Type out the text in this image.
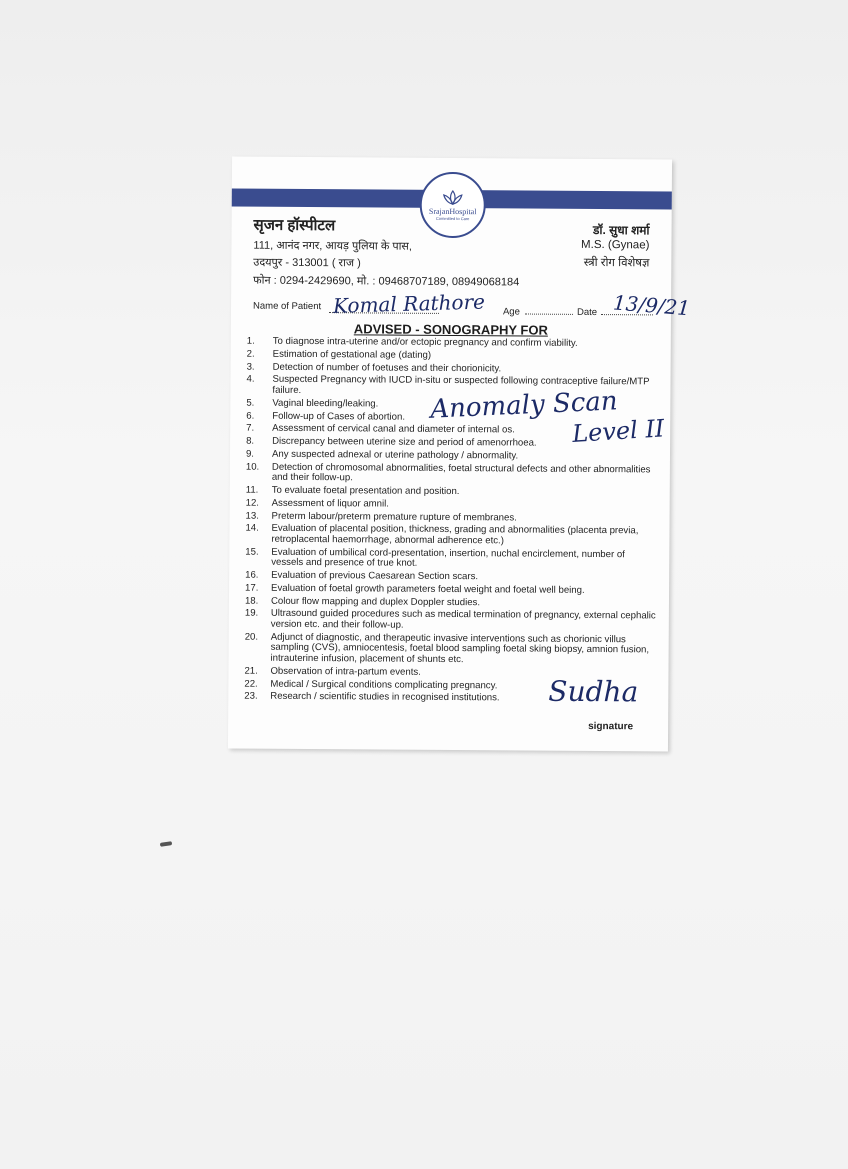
SrajanHospital
Committed to Care
सृजन हॉस्पीटल
111, आनंद नगर, आयड़ पुलिया के पास,
उदयपुर - 313001 ( राज )
फोन : 0294-2429690, मो. : 09468707189, 08949068184
डॉ. सुधा शर्मा
M.S. (Gynae)
स्त्री रोग विशेषज्ञ
Name of Patient Komal Rathore Age	Date 13/9/21
ADVISED - SONOGRAPHY FOR
1.	To diagnose intra-uterine and/or ectopic pregnancy and confirm viability.
2.	Estimation of gestational age (dating)
3.	Detection of number of foetuses and their chorionicity.
4.	Suspected Pregnancy with IUCD in-situ or suspected following contraceptive failure/MTP failure.
5.	Vaginal bleeding/leaking.
6.	Follow-up of Cases of abortion.
7.	Assessment of cervical canal and diameter of internal os.
8.	Discrepancy between uterine size and period of amenorrhoea.
9.	Any suspected adnexal or uterine pathology / abnormality.
10.	Detection of chromosomal abnormalities, foetal structural defects and other abnormalities and their follow-up.
11.	To evaluate foetal presentation and position.
12.	Assessment of liquor amnil.
13.	Preterm labour/preterm premature rupture of membranes.
14.	Evaluation of placental position, thickness, grading and abnormalities (placenta previa, retroplacental haemorrhage, abnormal adherence etc.)
15.	Evaluation of umbilical cord-presentation, insertion, nuchal encirclement, number of vessels and presence of true knot.
16.	Evaluation of previous Caesarean Section scars.
17.	Evaluation of foetal growth parameters foetal weight and foetal well being.
18.	Colour flow mapping and duplex Doppler studies.
19.	Ultrasound guided procedures such as medical termination of pregnancy, external cephalic version etc. and their follow-up.
20.	Adjunct of diagnostic, and therapeutic invasive interventions such as chorionic villus sampling (CVS), amniocentesis, foetal blood sampling foetal sking biopsy, amnion fusion, intrauterine infusion, placement of shunts etc.
21.	Observation of intra-partum events.
22.	Medical / Surgical conditions complicating pregnancy.
23.	Research / scientific studies in recognised institutions.
Anomaly Scan
Level II
Sudha
signature
